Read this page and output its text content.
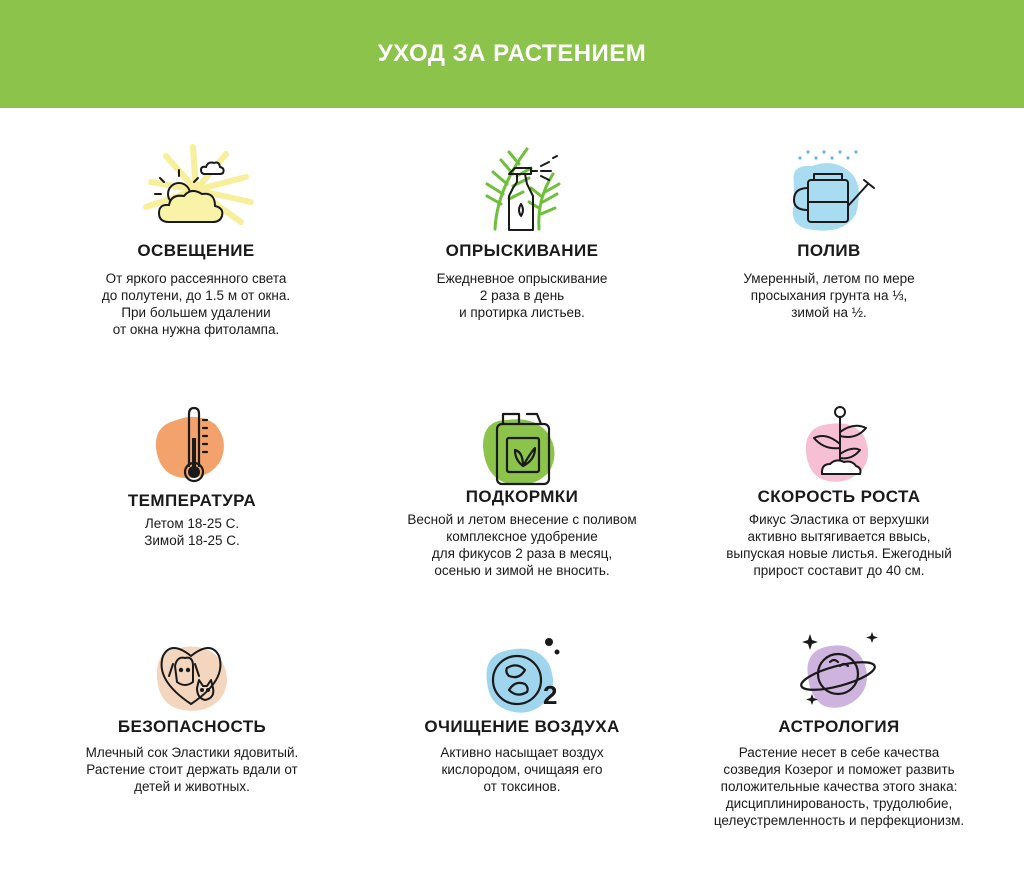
УХОД ЗА РАСТЕНИЕМ
ОСВЕЩЕНИЕ

От яркого рассеянного света
до полутени, до 1.5 м от окна.
При большем удалении
от окна нужна фитолампа.

ОПРЫСКИВАНИЕ

Ежедневное опрыскивание
2 раза в день
и протирка листьев.

ПОЛИВ

Умеренный, летом по мере
просыхания грунта на ⅓,
зимой на ½.

ТЕМПЕРАТУРА

Летом 18-25 С.
Зимой 18-25 С.

ПОДКОРМКИ

Весной и летом внесение с поливом
комплексное удобрение
для фикусов 2 раза в месяц,
осенью и зимой не вносить.

СКОРОСТЬ РОСТА

Фикус Эластика от верхушки
активно вытягивается ввысь,
выпуская новые листья. Ежегодный
прирост составит до 40 см.

БЕЗОПАСНОСТЬ

Млечный сок Эластики ядовитый.
Растение стоит держать вдали от
детей и животных.

2
ОЧИЩЕНИЕ ВОЗДУХА

Активно насыщает воздух
кислородом, очищаяя его
от токсинов.

АСТРОЛОГИЯ

Растение несет в себе качества
созведия Козерог и поможет развить
положительные качества этого знака:
дисциплинированость, трудолюбие,
целеустремленность и перфекционизм.
